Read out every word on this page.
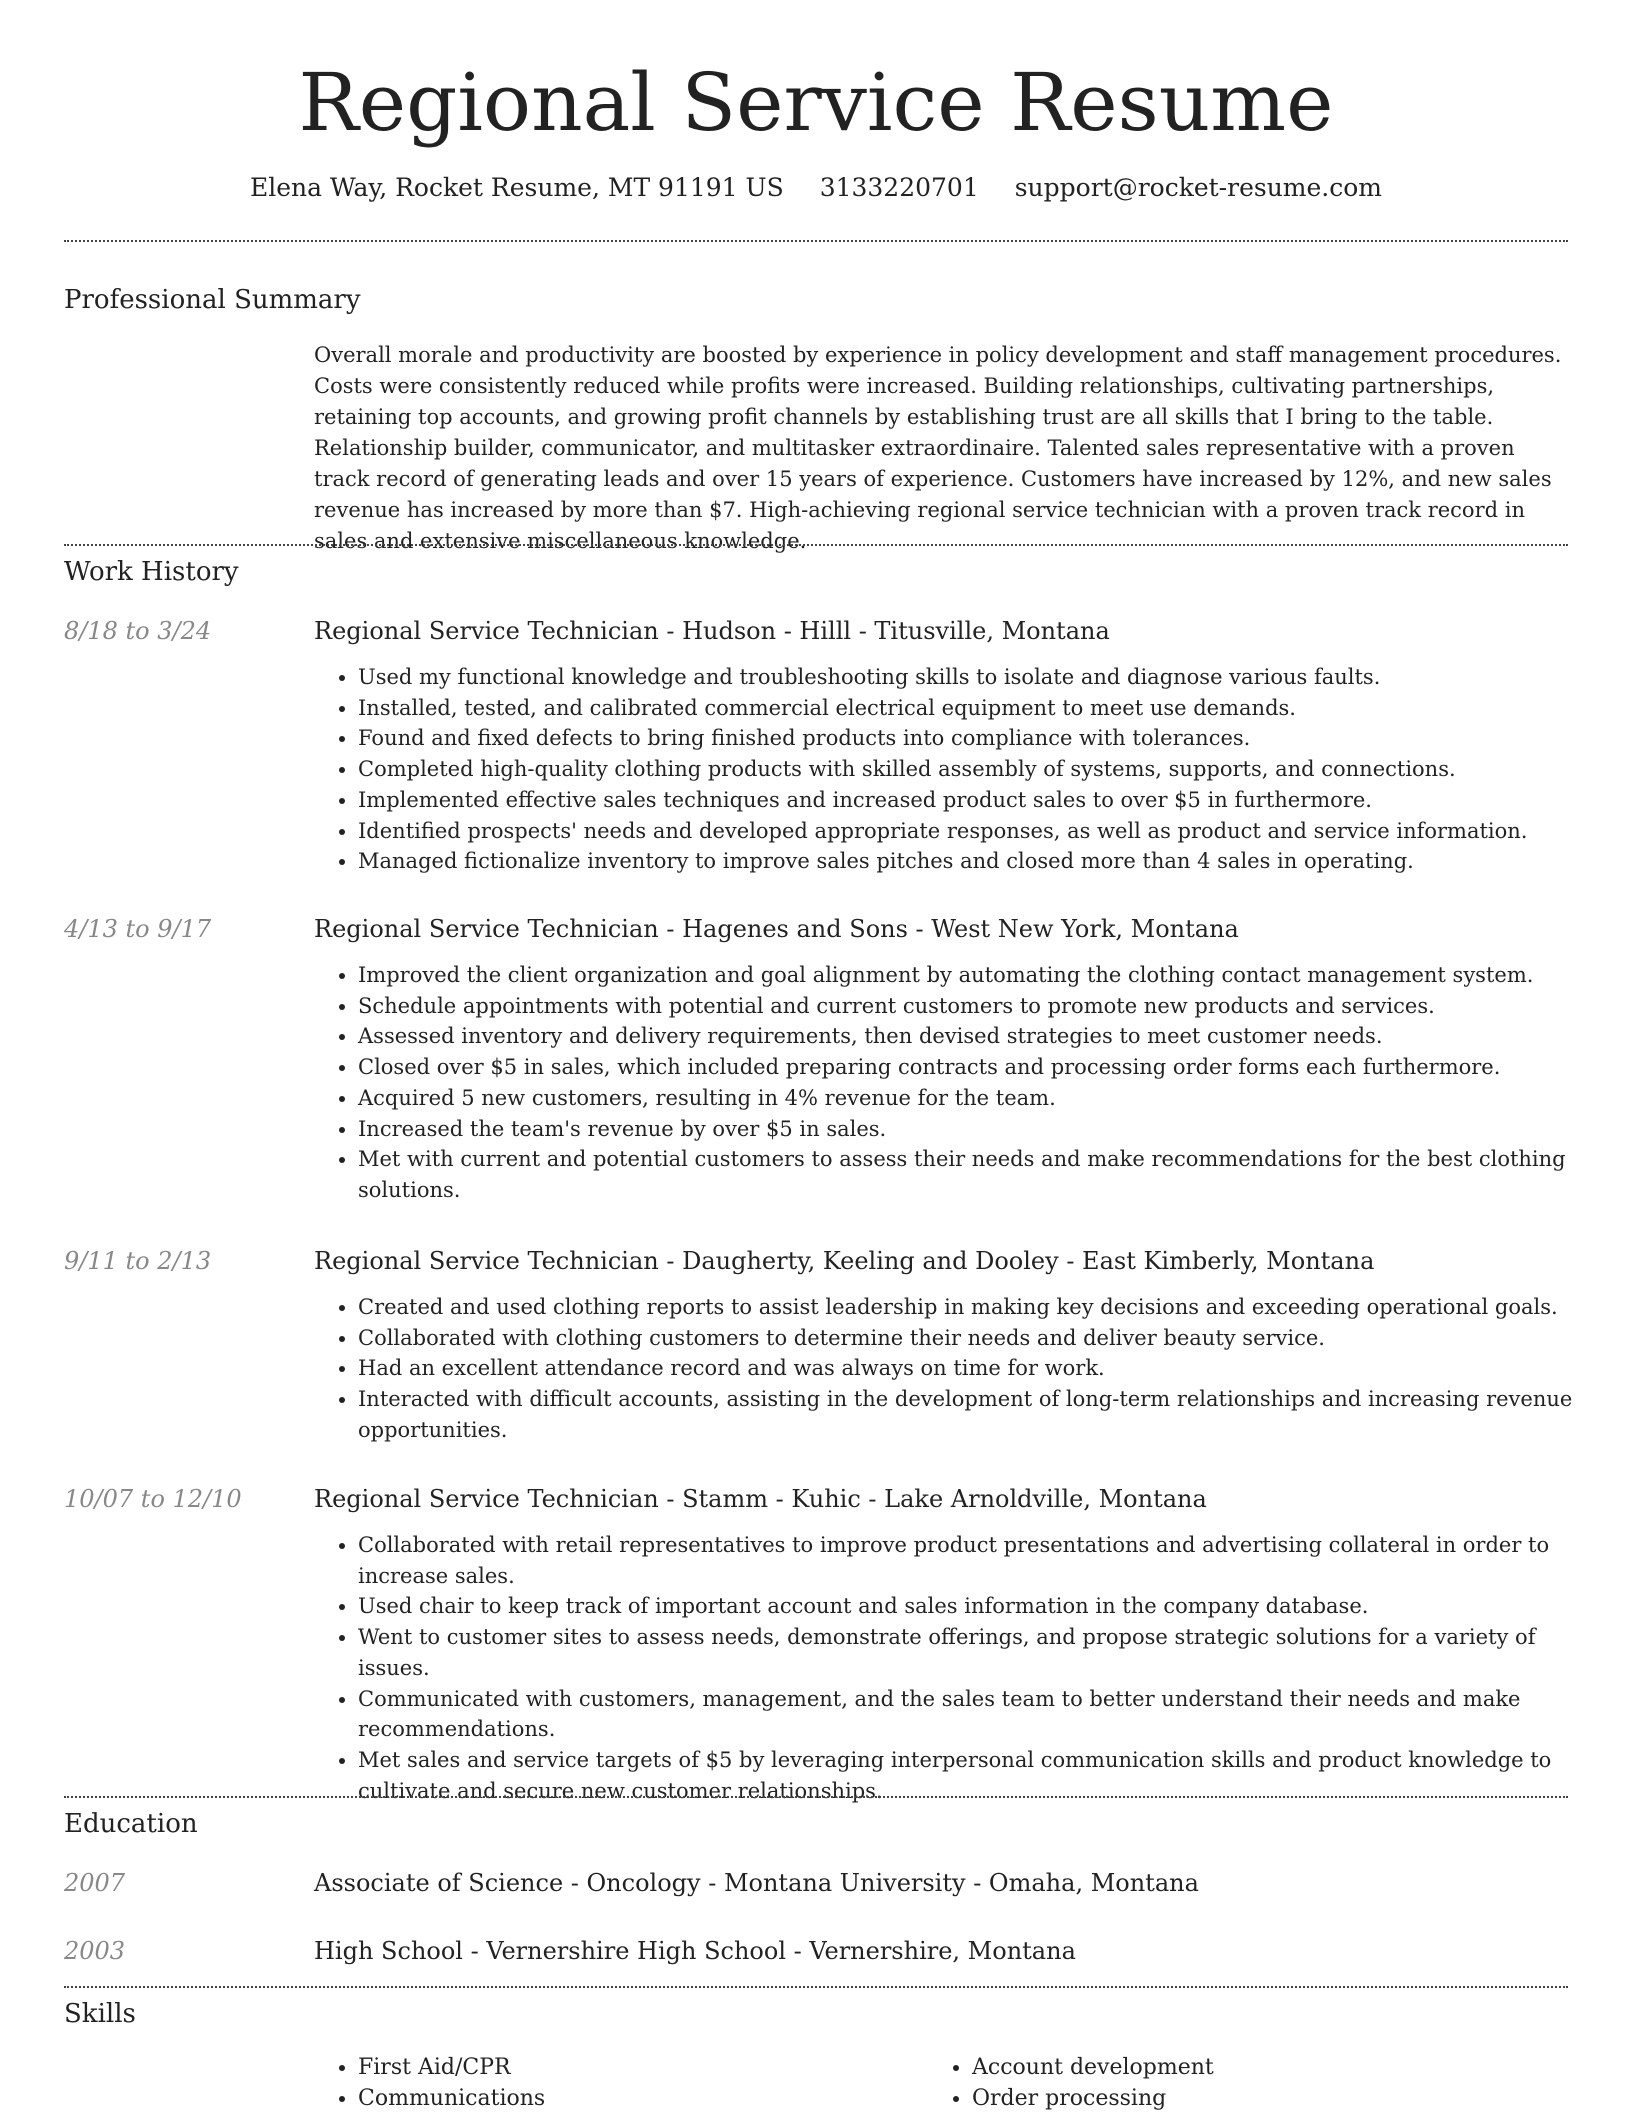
Regional Service Resume
Elena Way, Rocket Resume, MT 91191 US 3133220701 support@rocket-resume.com
Professional Summary
Overall morale and productivity are boosted by experience in policy development and staff management procedures. Costs were consistently reduced while profits were increased. Building relationships, cultivating partnerships, retaining top accounts, and growing profit channels by establishing trust are all skills that I bring to the table. Relationship builder, communicator, and multitasker extraordinaire. Talented sales representative with a proven track record of generating leads and over 15 years of experience. Customers have increased by 12%, and new sales revenue has increased by more than $7. High-achieving regional service technician with a proven track record in sales and extensive miscellaneous knowledge.
Work History
8/18 to 3/24	Regional Service Technician - Hudson - Hilll - Titusville, Montana
• Used my functional knowledge and troubleshooting skills to isolate and diagnose various faults.
• Installed, tested, and calibrated commercial electrical equipment to meet use demands.
• Found and fixed defects to bring finished products into compliance with tolerances.
• Completed high-quality clothing products with skilled assembly of systems, supports, and connections.
• Implemented effective sales techniques and increased product sales to over $5 in furthermore.
• Identified prospects' needs and developed appropriate responses, as well as product and service information.
• Managed fictionalize inventory to improve sales pitches and closed more than 4 sales in operating.
4/13 to 9/17	Regional Service Technician - Hagenes and Sons - West New York, Montana
• Improved the client organization and goal alignment by automating the clothing contact management system.
• Schedule appointments with potential and current customers to promote new products and services.
• Assessed inventory and delivery requirements, then devised strategies to meet customer needs.
• Closed over $5 in sales, which included preparing contracts and processing order forms each furthermore.
• Acquired 5 new customers, resulting in 4% revenue for the team.
• Increased the team's revenue by over $5 in sales.
• Met with current and potential customers to assess their needs and make recommendations for the best clothing solutions.
9/11 to 2/13	Regional Service Technician - Daugherty, Keeling and Dooley - East Kimberly, Montana
• Created and used clothing reports to assist leadership in making key decisions and exceeding operational goals.
• Collaborated with clothing customers to determine their needs and deliver beauty service.
• Had an excellent attendance record and was always on time for work.
• Interacted with difficult accounts, assisting in the development of long-term relationships and increasing revenue opportunities.
10/07 to 12/10	Regional Service Technician - Stamm - Kuhic - Lake Arnoldville, Montana
• Collaborated with retail representatives to improve product presentations and advertising collateral in order to increase sales.
• Used chair to keep track of important account and sales information in the company database.
• Went to customer sites to assess needs, demonstrate offerings, and propose strategic solutions for a variety of issues.
• Communicated with customers, management, and the sales team to better understand their needs and make recommendations.
• Met sales and service targets of $5 by leveraging interpersonal communication skills and product knowledge to cultivate and secure new customer relationships.
Education
2007	Associate of Science - Oncology - Montana University - Omaha, Montana
2003	High School - Vernershire High School - Vernershire, Montana
Skills
• First Aid/CPR
• Communications
• Account development
• Order processing
